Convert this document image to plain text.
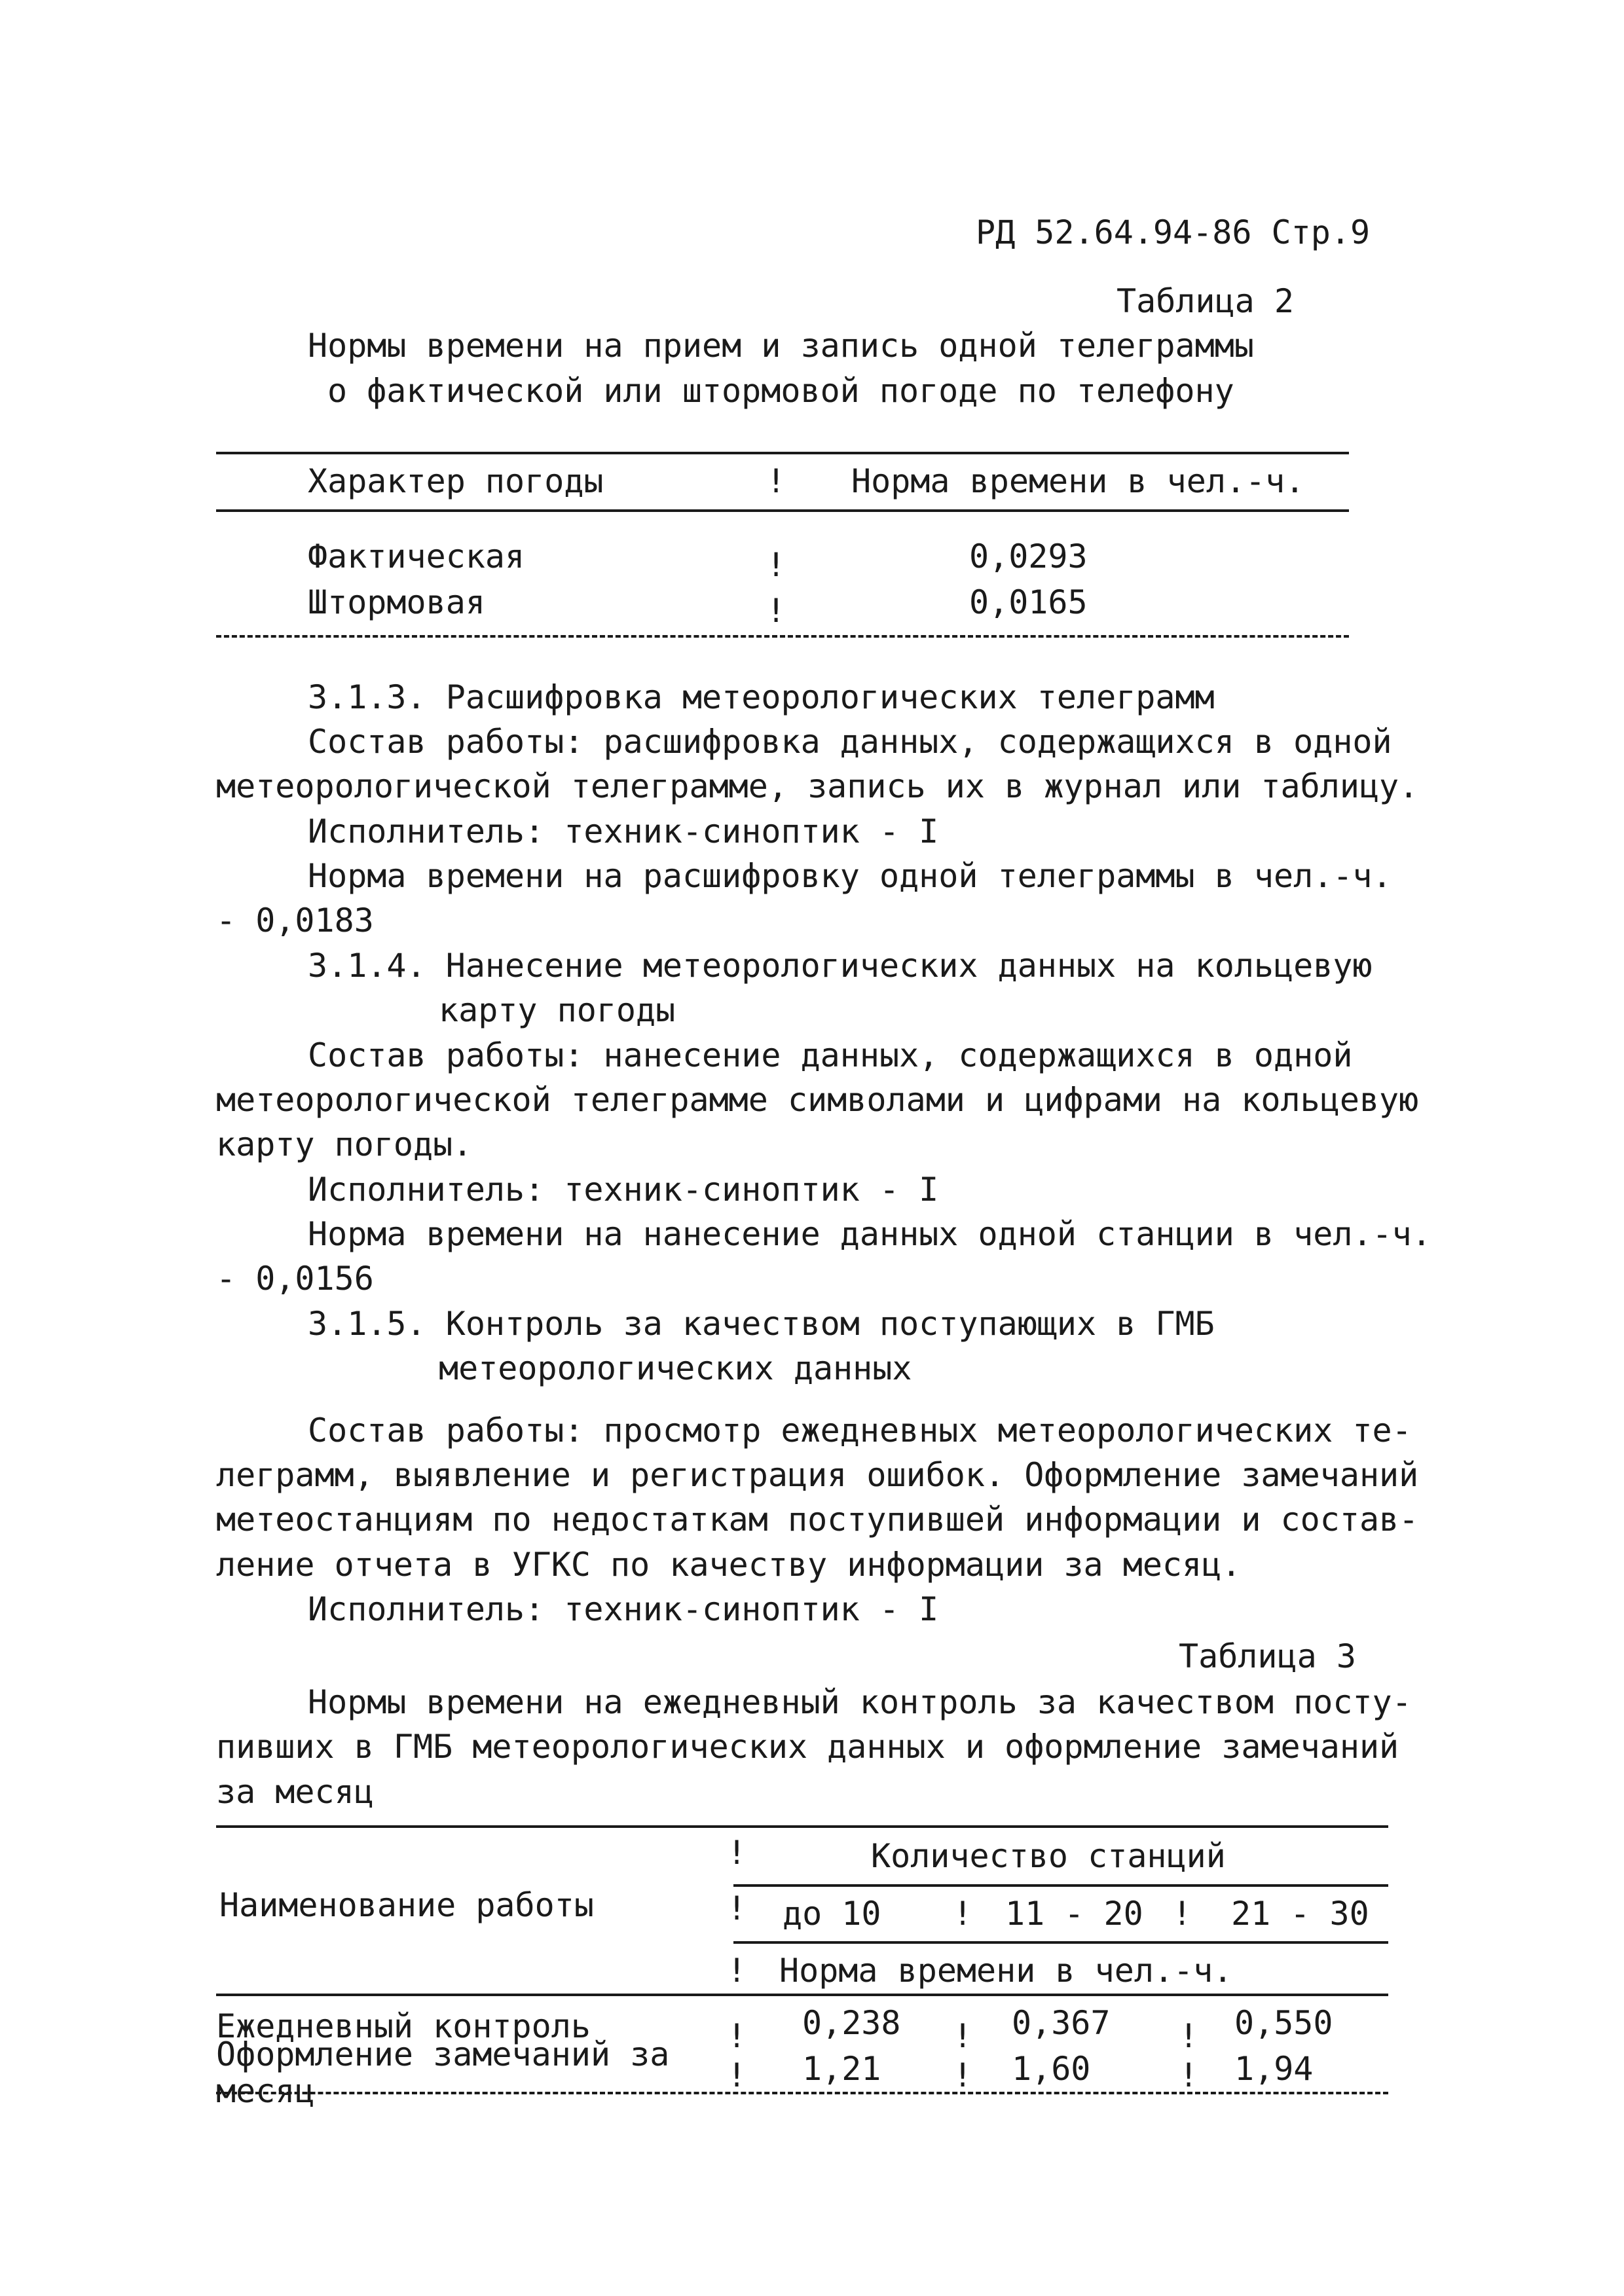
РД 52.64.94-86 Стр.9
Таблица 2
Нормы времени на прием и запись одной телеграммы
о фактической или штормовой погоде по телефону
Характер погоды	! Норма времени в чел.-ч.
Фактическая	!	0,0293
Штормовая	!	0,0165
3.1.3. Расшифровка метеорологических телеграмм
Состав работы: расшифровка данных, содержащихся в одной
метеорологической телеграмме, запись их в журнал или таблицу.
Исполнитель: техник-синоптик - I
Норма времени на расшифровку одной телеграммы в чел.-ч.
- 0,0183
3.1.4. Нанесение метеорологических данных на кольцевую
карту погоды
Состав работы: нанесение данных, содержащихся в одной
метеорологической телеграмме символами и цифрами на кольцевую
карту погоды.
Исполнитель: техник-синоптик - I
Норма времени на нанесение данных одной станции в чел.-ч.
- 0,0156
3.1.5. Контроль за качеством поступающих в ГМБ
метеорологических данных
Состав работы: просмотр ежедневных метеорологических те-
леграмм, выявление и регистрация ошибок. Оформление замечаний
метеостанциям по недостаткам поступившей информации и состав-
ление отчета в УГКС по качеству информации за месяц.
Исполнитель: техник-синоптик - I
Таблица 3
Нормы времени на ежедневный контроль за качеством посту-
пивших в ГМБ метеорологических данных и оформление замечаний
за месяц
Наименование работы
!	Количество станций
! до 10 ! 11 - 20 ! 21 - 30
! Норма времени в чел.-ч.
Ежедневный контроль	! 0,238 ! 0,367 ! 0,550
Оформление замечаний за месяц	! 1,21 ! 1,60	! 1,94
